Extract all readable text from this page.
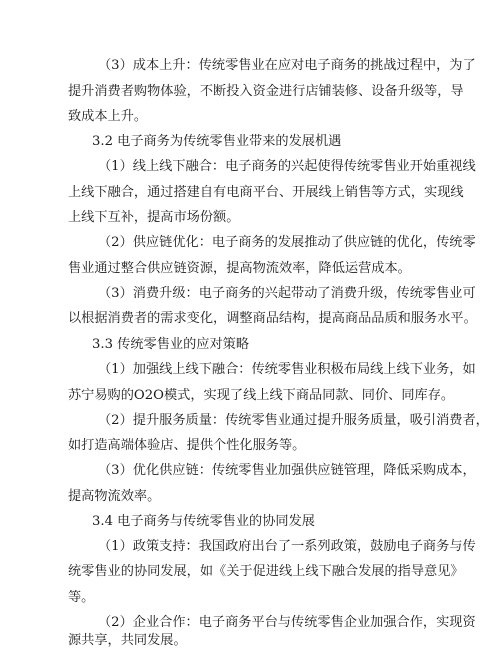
（3）成本上升：传统零售业在应对电子商务的挑战过程中，为了
提升消费者购物体验，不断投入资金进行店铺装修、设备升级等，导
致成本上升。
3.2 电子商务为传统零售业带来的发展机遇
（1）线上线下融合：电子商务的兴起使得传统零售业开始重视线
上线下融合，通过搭建自有电商平台、开展线上销售等方式，实现线
上线下互补，提高市场份额。
（2）供应链优化：电子商务的发展推动了供应链的优化，传统零
售业通过整合供应链资源，提高物流效率，降低运营成本。
（3）消费升级：电子商务的兴起带动了消费升级，传统零售业可
以根据消费者的需求变化，调整商品结构，提高商品品质和服务水平。
3.3 传统零售业的应对策略
（1）加强线上线下融合：传统零售业积极布局线上线下业务，如
苏宁易购的O2O模式，实现了线上线下商品同款、同价、同库存。
（2）提升服务质量：传统零售业通过提升服务质量，吸引消费者，
如打造高端体验店、提供个性化服务等。
（3）优化供应链：传统零售业加强供应链管理，降低采购成本，
提高物流效率。
3.4 电子商务与传统零售业的协同发展
（1）政策支持：我国政府出台了一系列政策，鼓励电子商务与传
统零售业的协同发展，如《关于促进线上线下融合发展的指导意见》
等。
（2）企业合作：电子商务平台与传统零售企业加强合作，实现资
源共享，共同发展。
